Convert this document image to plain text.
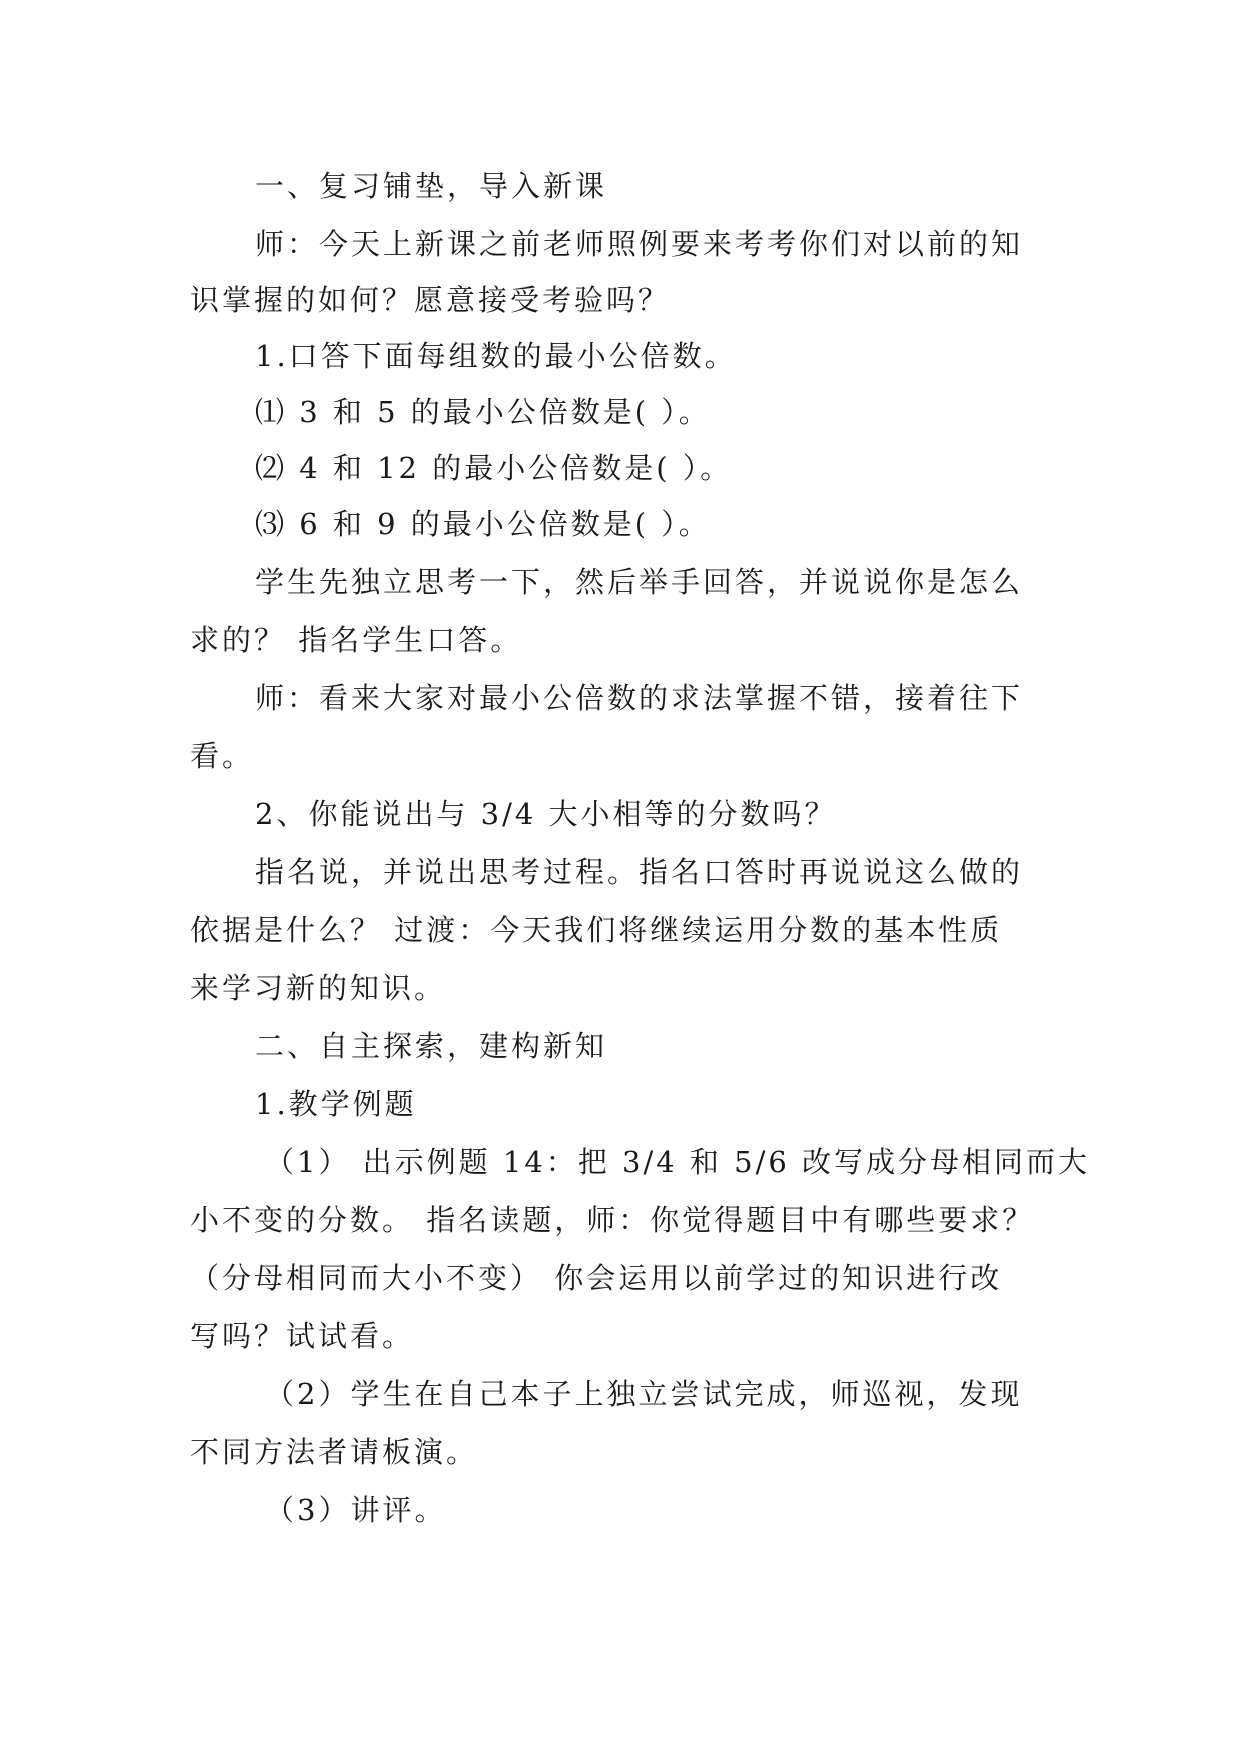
一、复习铺垫，导入新课
师：今天上新课之前老师照例要来考考你们对以前的知
识掌握的如何？愿意接受考验吗？
1.口答下面每组数的最小公倍数。
⑴ 3 和 5 的最小公倍数是( ）。
⑵ 4 和 12 的最小公倍数是( ）。
⑶ 6 和 9 的最小公倍数是( ）。
学生先独立思考一下，然后举手回答，并说说你是怎么
求的？ 指名学生口答。
师：看来大家对最小公倍数的求法掌握不错，接着往下
看。
2、你能说出与 3/4 大小相等的分数吗？
指名说，并说出思考过程。指名口答时再说说这么做的
依据是什么？ 过渡：今天我们将继续运用分数的基本性质
来学习新的知识。
二、自主探索，建构新知
1.教学例题
（1） 出示例题 14：把 3/4 和 5/6 改写成分母相同而大
小不变的分数。 指名读题，师：你觉得题目中有哪些要求？
（分母相同而大小不变） 你会运用以前学过的知识进行改
写吗？试试看。
（2）学生在自己本子上独立尝试完成，师巡视，发现
不同方法者请板演。
（3）讲评。
